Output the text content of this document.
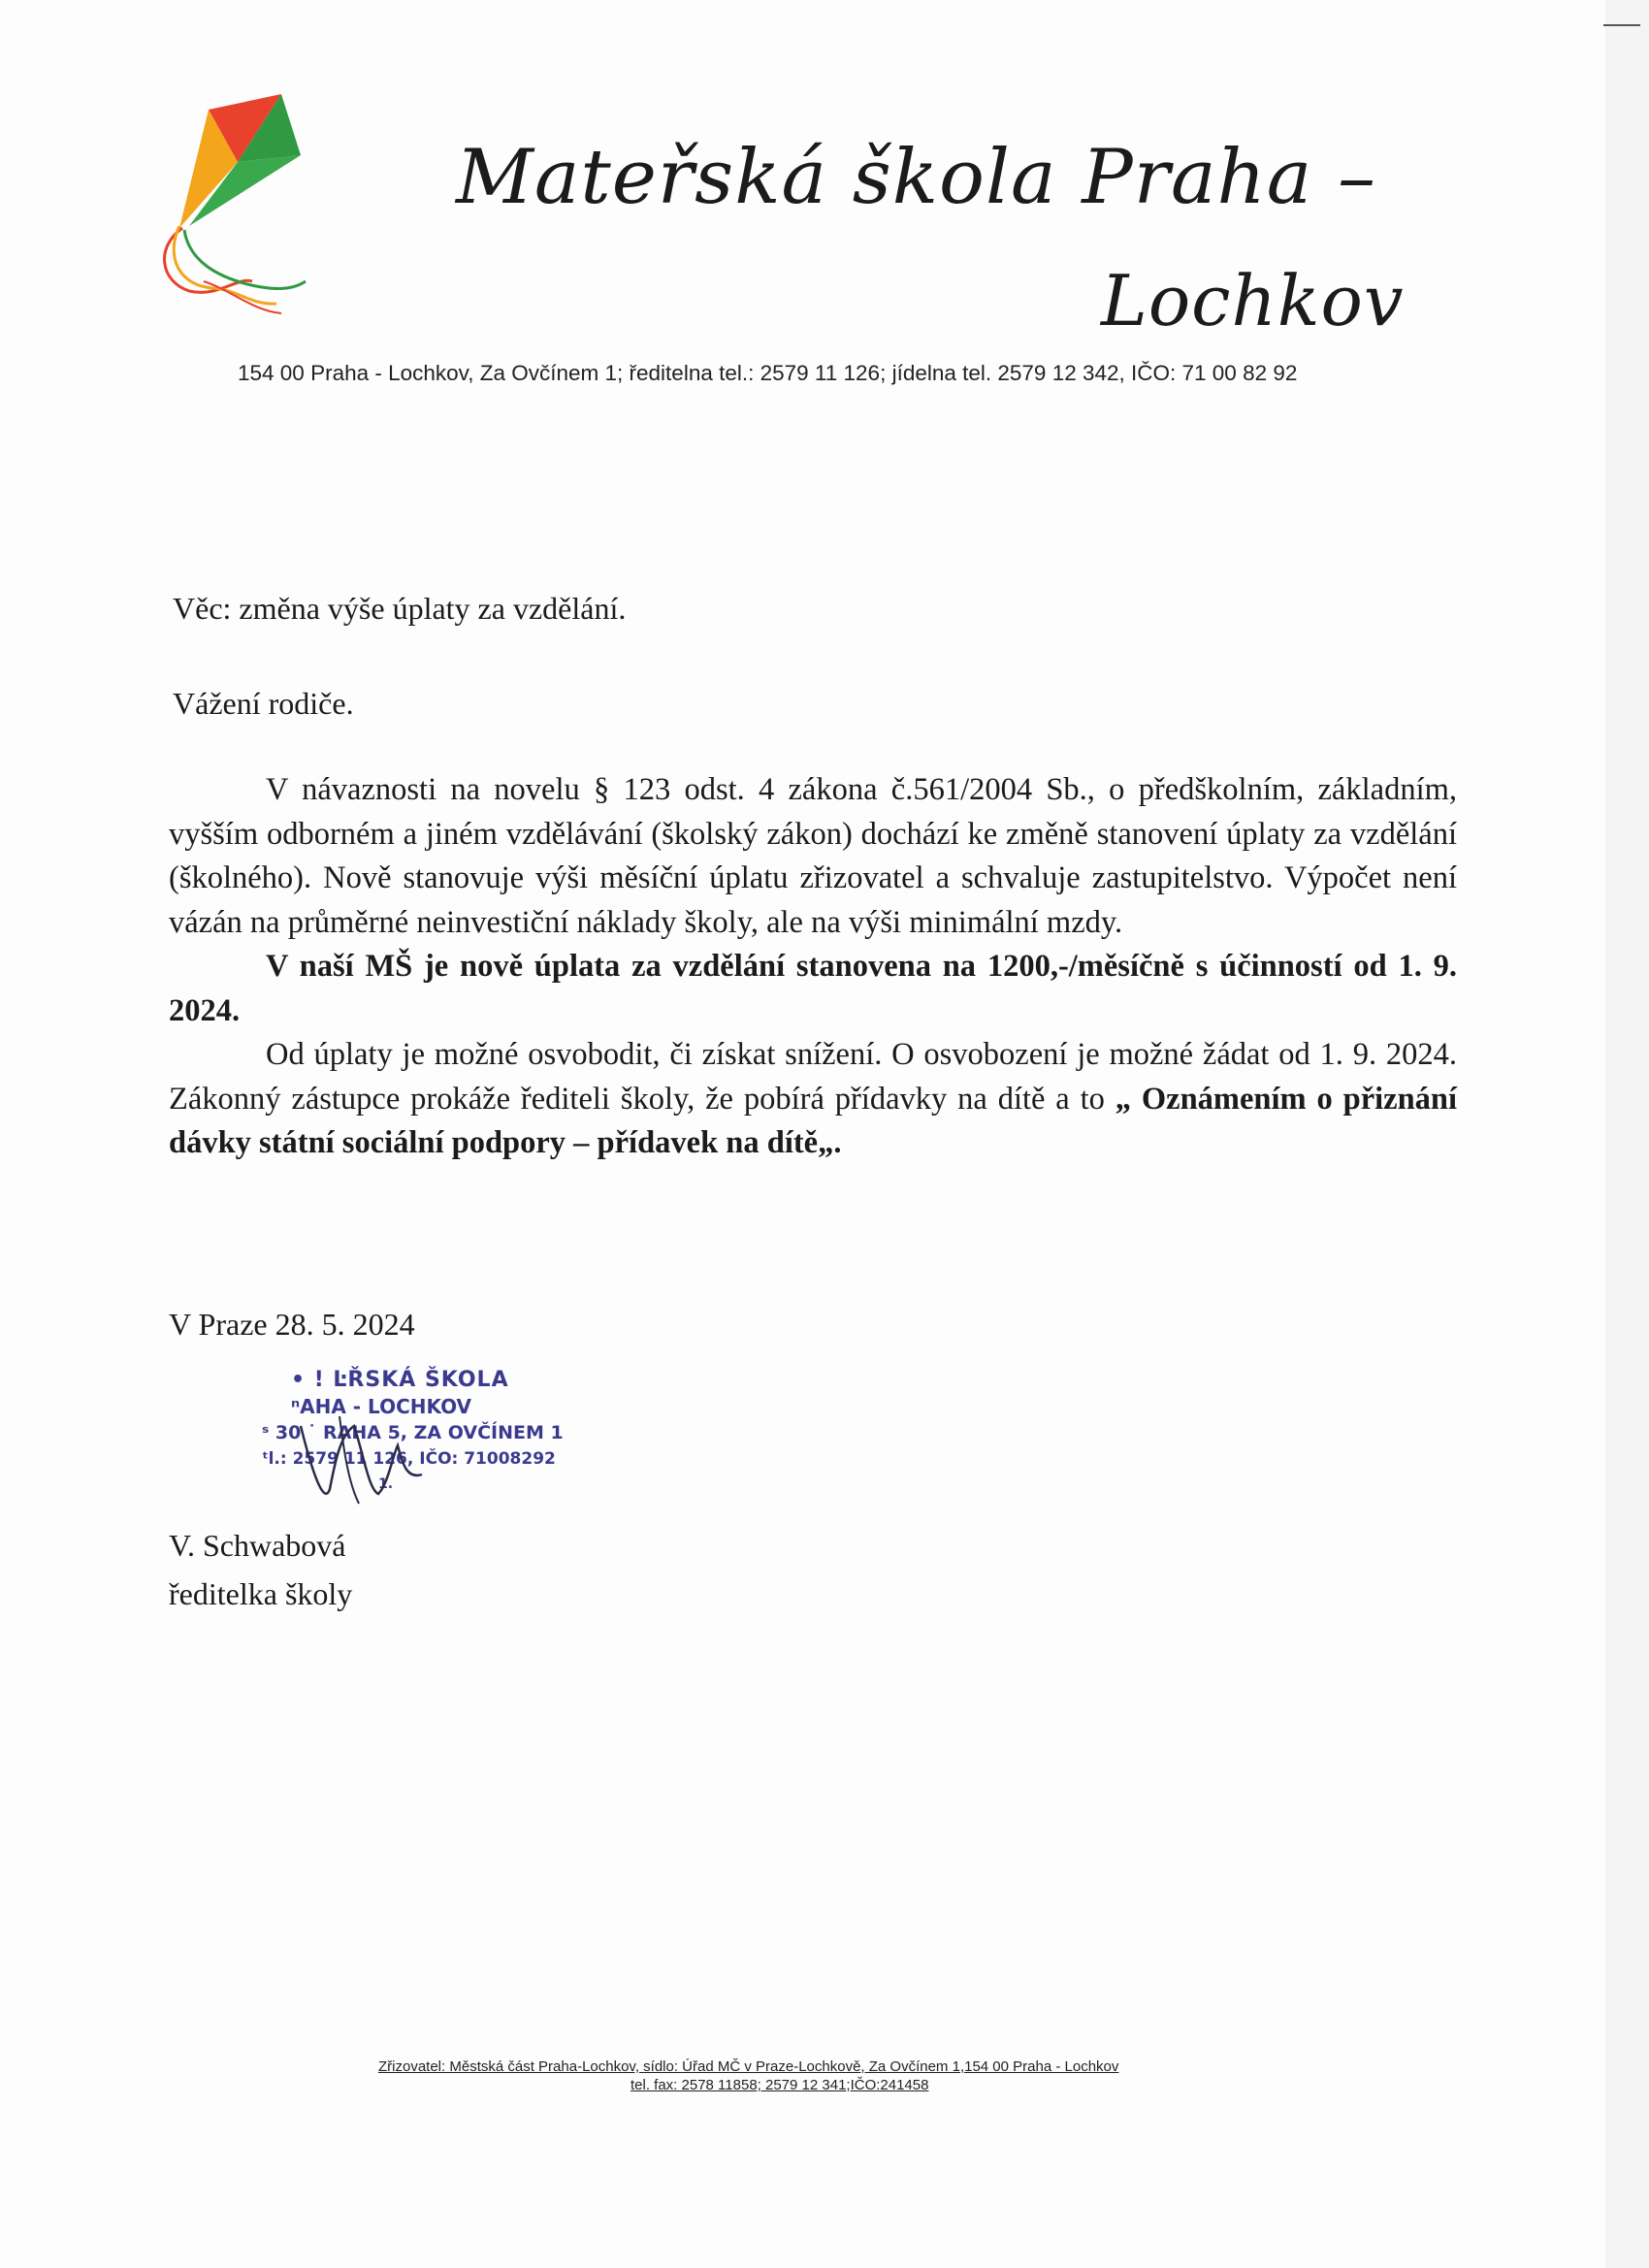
Mateřská škola Praha –
Lochkov
154 00 Praha - Lochkov, Za Ovčínem 1; ředitelna tel.: 2579 11 126; jídelna tel. 2579 12 342, IČO: 71 00 82 92
Věc: změna výše úplaty za vzdělání.
Vážení rodiče.

V návaznosti na novelu § 123 odst. 4 zákona č.561/2004 Sb., o předškolním, základním, vyšším odborném a jiném vzdělávání (školský zákon) dochází ke změně stanovení úplaty za vzdělání (školného). Nově stanovuje výši měsíční úplatu zřizovatel a schvaluje zastupitelstvo. Výpočet není vázán na průměrné neinvestiční náklady školy, ale na výši minimální mzdy.

V naší MŠ je nově úplata za vzdělání stanovena na 1200,-/měsíčně s účinností od 1. 9. 2024.

Od úplaty je možné osvobodit, či získat snížení. O osvobození je možné žádat od 1. 9. 2024. Zákonný zástupce prokáže řediteli školy, že pobírá přídavky na dítě a to „ Oznámením o přiznání dávky státní sociální podpory – přídavek na dítě„.

V Praze 28. 5. 2024
• ! ĿŘSKÁ ŠKOLA
ⁿAHA - LOCHKOV
ˢ 30 ˙ RAHA 5, ZA OVČÍNEM 1
ᵗl.: 2579 11 126, IČO: 71008292
1.
V. Schwabová
ředitelka školy
Zřizovatel: Městská část Praha-Lochkov, sídlo: Úřad MČ v Praze-Lochkově, Za Ovčínem 1,154 00 Praha - Lochkov
tel. fax: 2578 11858; 2579 12 341;IČO:241458
